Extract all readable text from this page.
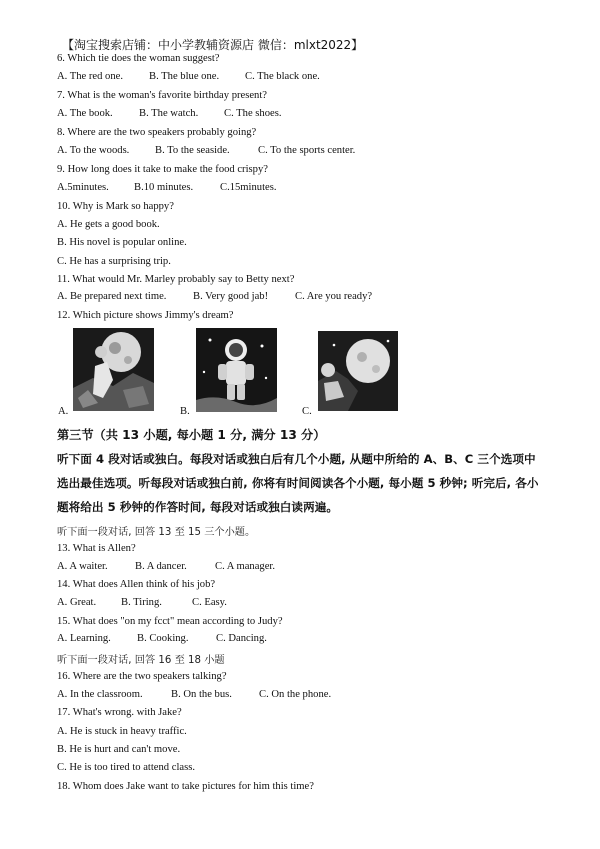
【淘宝搜索店铺：中小学教辅资源店 微信：mlxt2022】
6. Which tie does the woman suggest?
A. The red one. B. The blue one. C. The black one.
7. What is the woman's favorite birthday present?
A. The book. B. The watch. C. The shoes.
8. Where are the two speakers probably going?
A. To the woods. B. To the seaside.	C. To the sports center.
9. How long does it take to make the food crispy?
A.5minutes. B.10 minutes.	C.15minutes.
10. Why is Mark so happy?
A. He gets a good book.
B. His novel is popular online.
C. He has a surprising trip.
11. What would Mr. Marley probably say to Betty next?
A. Be prepared next time.	B. Very good jab!	C. Are you ready?
12. Which picture shows Jimmy's dream?
A.	B.	C.
第三节（共 13 小题, 每小题 1 分, 满分 13 分）
听下面 4 段对话或独白。每段对话或独白后有几个小题, 从题中所给的 A、B、C 三个选项中
选出最佳选项。听每段对话或独白前, 你将有时间阅读各个小题, 每小题 5 秒钟; 听完后, 各小
题将给出 5 秒钟的作答时间, 每段对话或独白读两遍。
听下面一段对话, 回答 13 至 15 三个小题。
13. What is Allen?
A. A waiter.	B. A dancer.	C. A manager.
14. What does Allen think of his job?
A. Great. B. Tiring.	C. Easy.
15. What does "on my fcct" mean according to Judy?
A. Learning. B. Cooking.	C. Dancing.
听下面一段对话, 回答 16 至 18 小题
16. Where are the two speakers talking?
A. In the classroom.	B. On the bus.	C. On the phone.
17. What's wrong. with Jake?
A. He is stuck in heavy traffic.
B. He is hurt and can't move.
C. He is too tired to attend class.
18. Whom does Jake want to take pictures for him this time?
